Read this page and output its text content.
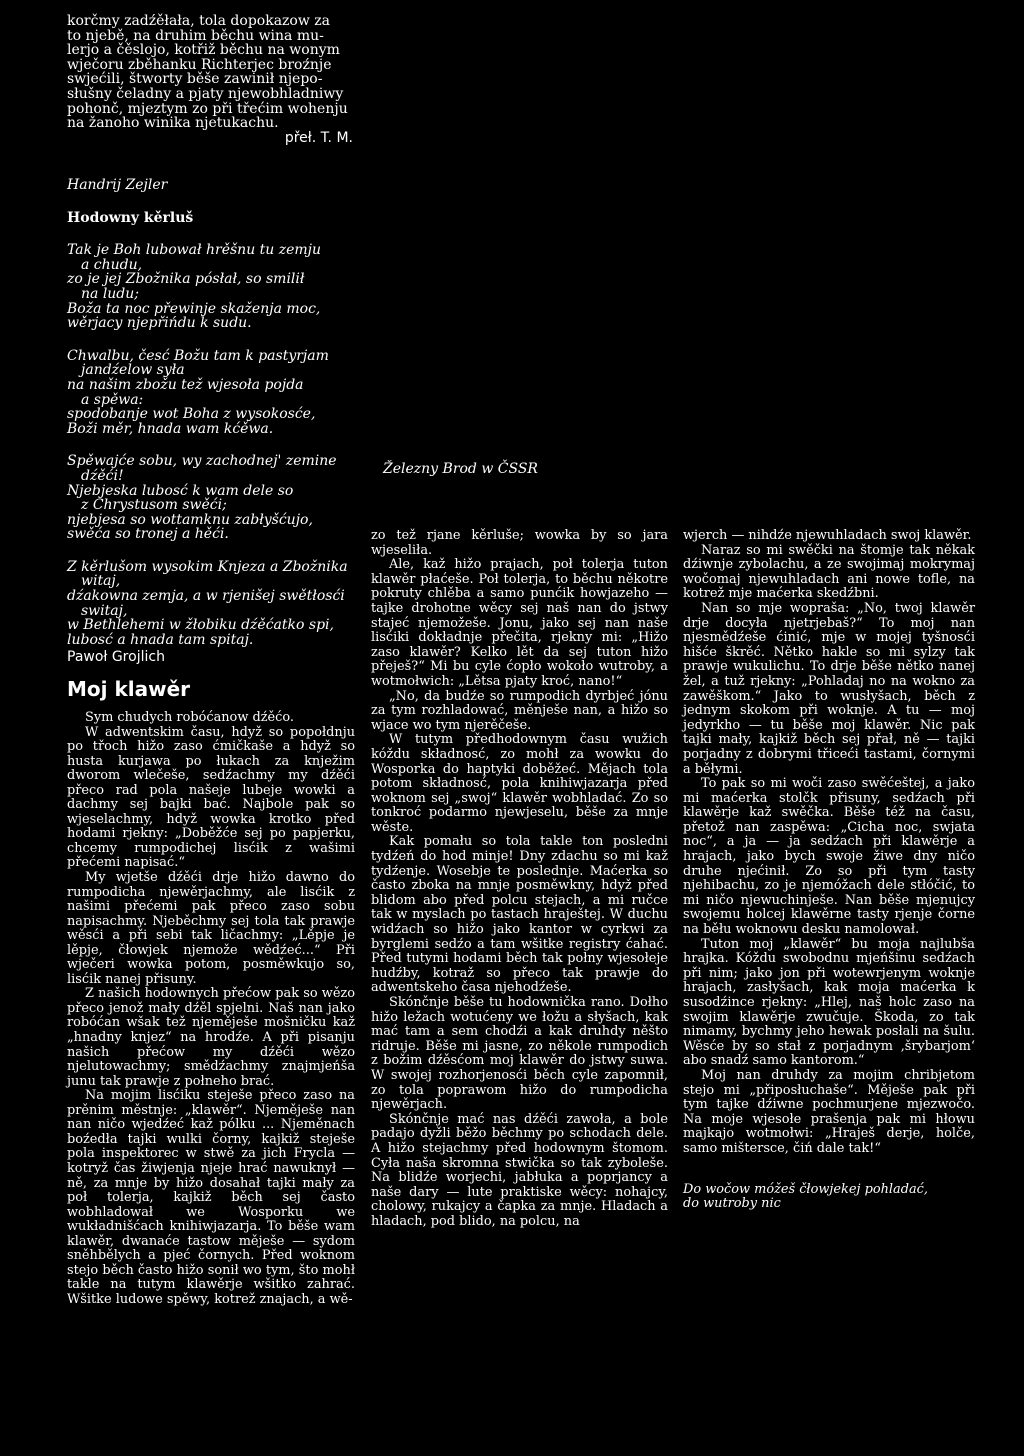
korčmy zadźěłała, tola dopokazow za
to njebě, na druhim běchu wina mu-
lerjo a čěslojo, kotřiž běchu na wonym
wječoru zběhanku Richterjec broźnje
swjećili, štworty běše zawinił njepo-
słušny čeladny a pjaty njewobhladniwy
pohonč, mjeztym zo při třećim wohenju
na žanoho winika njetukachu.
přeł. T. M.
Handrij Zejler
Hodowny kěrluš
Tak je Boh lubował hrěšnu tu zemju
a chudu,
zo je jej Zbožnika pósłał, so smilił
na ludu;
Boža ta noc přewinje skaženja moc,
wěrjacy njepřińdu k sudu.
Chwalbu, česć Božu tam k pastyrjam
jandźelow syła
na našim zbožu tež wjesoła pojda
a spěwa:
spodobanje wot Boha z wysokosće,
Boži měr, hnada wam kćěwa.
Spěwajće sobu, wy zachodnej' zemine
dźěći!
Njebjeska lubosć k wam dele so
z Chrystusom swěći;
njebjesa so wottamknu zabłyšćujo,
swěća so tronej a hěći.
Z kěrlušom wysokim Knjeza a Zbožnika
witaj,
dźakowna zemja, a w rjenišej swětłosći
switaj,
w Bethlehemi w žłobiku dźěćatko spi,
lubosć a hnada tam spitaj.
Železny Brod w ČSSR
Pawoł Grojlich
Moj klawěr

Sym chudych robóćanow dźěćo.

W adwentskim času, hdyž so popołdnju po třoch hižo zaso ćmičkaše a hdyž so husta kurjawa po łukach za knježim dworom wlečeše, sedźachmy my dźěći přeco rad pola našeje lubeje wowki a dachmy sej bajki bać. Najbole pak so wjeselachmy, hdyž wowka krotko před hodami rjekny: „Doběžće sej po papjerku, chcemy rumpodichej lisćik z wašimi přećemi napisać.“

My wjetše dźěći drje hižo dawno do rumpodicha njewěrjachmy, ale lisćik z našimi přećemi pak přeco zaso sobu napisachmy. Njeběchmy sej tola tak prawje wěsći a při sebi tak ličachmy: „Lěpje je lěpje, čłowjek njemože wědźeć...“ Při wječeri wowka potom, posměwkujo so, lisćik nanej přisuny.

Z našich hodownych přećow pak so wězo přeco jenož mały dźěl spjelni. Naš nan jako robóćan wšak tež njeměješe mošničku kaž „hnadny knjez“ na hrodźe. A při pisanju našich přećow my dźěći wězo njelutowachmy; smědźachmy znajmjeńša junu tak prawje z połneho brać.

Na mojim lisćiku steješe přeco zaso na prěnim městnje: „klawěr“. Njeměješe nan nan ničo wjedźeć kaž pólku ... Njeměnach boźedła tajki wulki čorny, kajkiž steješe pola inspektorec w stwě za jich Frycla — kotryž čas žiwjenja njeje hrać nawuknył — ně, za mnje by hižo dosahał tajki mały za poł tolerja, kajkiž běch sej často wobhladował we Wosporku we wukładnišćach knihiwjazarja. To běše wam klawěr, dwanaće tastow měješe — sydom sněhbělych a pjeć čornych. Před woknom stejo běch často hižo sonił wo tym, što mohł takle na tutym klawěrje wšitko zahrać. Wšitke ludowe spěwy, kotrež znajach, a wě-

zo tež rjane kěrluše; wowka by so jara wjeseliła.

Ale, kaž hižo prajach, poł tolerja tuton klawěr płaćeše. Poł tolerja, to běchu někotre pokruty chlěba a samo punćik howjazeho — tajke drohotne wěcy sej naš nan do jstwy stajeć njemožeše. Jonu, jako sej nan naše lisćiki dokładnje přečita, rjekny mi: „Hižo zaso klawěr? Kelko lět da sej tuton hižo přeješ?“ Mi bu cyle ćopło wokoło wutroby, a wotmołwich: „Lětsa pjaty kroć, nano!“

„No, da budźe so rumpodich dyrbjeć jónu za tym rozhladować, měnješe nan, a hižo so wjace wo tym njerěčeše.

W tutym předhodownym času wužich kóždu składnosć, zo mohł za wowku do Wosporka do haptyki doběžeć. Mějach tola potom składnosć, pola knihiwjazarja před woknom sej „swoj“ klawěr wobhladać. Zo so tonkroć podarmo njewjeselu, běše za mnje wěste.

Kak pomału so tola takle ton posledni tydźeń do hod minje! Dny zdachu so mi kaž tydźenje. Wosebje te poslednje. Maćerka so často zboka na mnje posměwkny, hdyž před blidom abo před polcu stejach, a mi ručce tak w myslach po tastach hraještej. W duchu widźach so hižo jako kantor w cyrkwi za byrglemi sedźo a tam wšitke registry ćahać. Před tutymi hodami běch tak połny wjesołeje hudźby, kotraž so přeco tak prawje do adwentskeho časa njehodźeše.

Skónčnje běše tu hodownička rano. Dołho hižo ležach wotućeny we łožu a słyšach, kak mać tam a sem chodźi a kak druhdy něšto ridruje. Běše mi jasne, zo někole rumpodich z božim dźěsćom moj klawěr do jstwy suwa. W swojej rozhorjenosći běch cyle zapomnił, zo tola poprawom hižo do rumpodicha njewěrjach.

Skónčnje mać nas dźěći zawoła, a bole padajo dyžli běžo běchmy po schodach dele. A hižo stejachmy před hodownym štomom. Cyła naša skromna stwička so tak zyboleše. Na blidźe worjechi, jabłuka a poprjancy a naše dary — lute praktiske wěcy: nohajcy, cholowy, rukajcy a čapka za mnje. Hladach a hladach, pod blido, na polcu, na

wjerch — nihdźe njewuhladach swoj klawěr.

Naraz so mi swěčki na štomje tak někak dźiwnje zybolachu, a ze swojimaj mokrymaj wočomaj njewuhladach ani nowe tofle, na kotrež mje maćerka skedźbni.

Nan so mje wopraša: „No, twoj klawěr drje docyła njetrjebaš?“ To moj nan njesmědźeše ćinić, mje w mojej tyšnosći hišće škrěć. Nětko hakle so mi sylzy tak prawje wukulichu. To drje běše nětko nanej žel, a tuž rjekny: „Pohladaj no na wokno za zawěškom.“ Jako to wusłyšach, běch z jednym skokom při woknje. A tu — moj jedyrkho — tu běše moj klawěr. Nic pak tajki mały, kajkiž běch sej přał, ně — tajki porjadny z dobrymi třiceći tastami, čornymi a běłymi.

To pak so mi woči zaso swěćeštej, a jako mi maćerka stolčk přisuny, sedźach při klawěrje kaž swěčka. Běše též na času, přetož nan zaspěwa: „Cicha noc, swjata noc“, a ja — ja sedźach při klawěrje a hrajach, jako bych swoje žiwe dny ničo druhe njećinił. Zo so při tym tasty njehibachu, zo je njemóžach dele stłóčić, to mi ničo njewuchinješe. Nan běše mjenujcy swojemu holcej klawěrne tasty rjenje čorne na běłu woknowu desku namolował.

Tuton moj „klawěr“ bu moja najlubša hrajka. Kóždu swobodnu mjeńšinu sedźach při nim; jako jon při wotewrjenym woknje hrajach, zasłyšach, kak moja maćerka k susodźince rjekny: „Hlej, naš holc zaso na swojim klawěrje zwučuje. Škoda, zo tak nimamy, bychmy jeho hewak posłali na šulu. Wěsće by so stał z porjadnym ‚šrybarjom‘ abo snadź samo kantorom.“

Moj nan druhdy za mojim chribjetom stejo mi „připosłuchaše“. Měješe pak při tym tajke dźiwne pochmurjene mjezwočo. Na moje wjesołe prašenja pak mi hłowu majkajo wotmołwi: „Hraješ derje, holče, samo mištersce, čiń dale tak!“

Do wočow móžeš čłowjekej pohladać,
do wutroby nic
